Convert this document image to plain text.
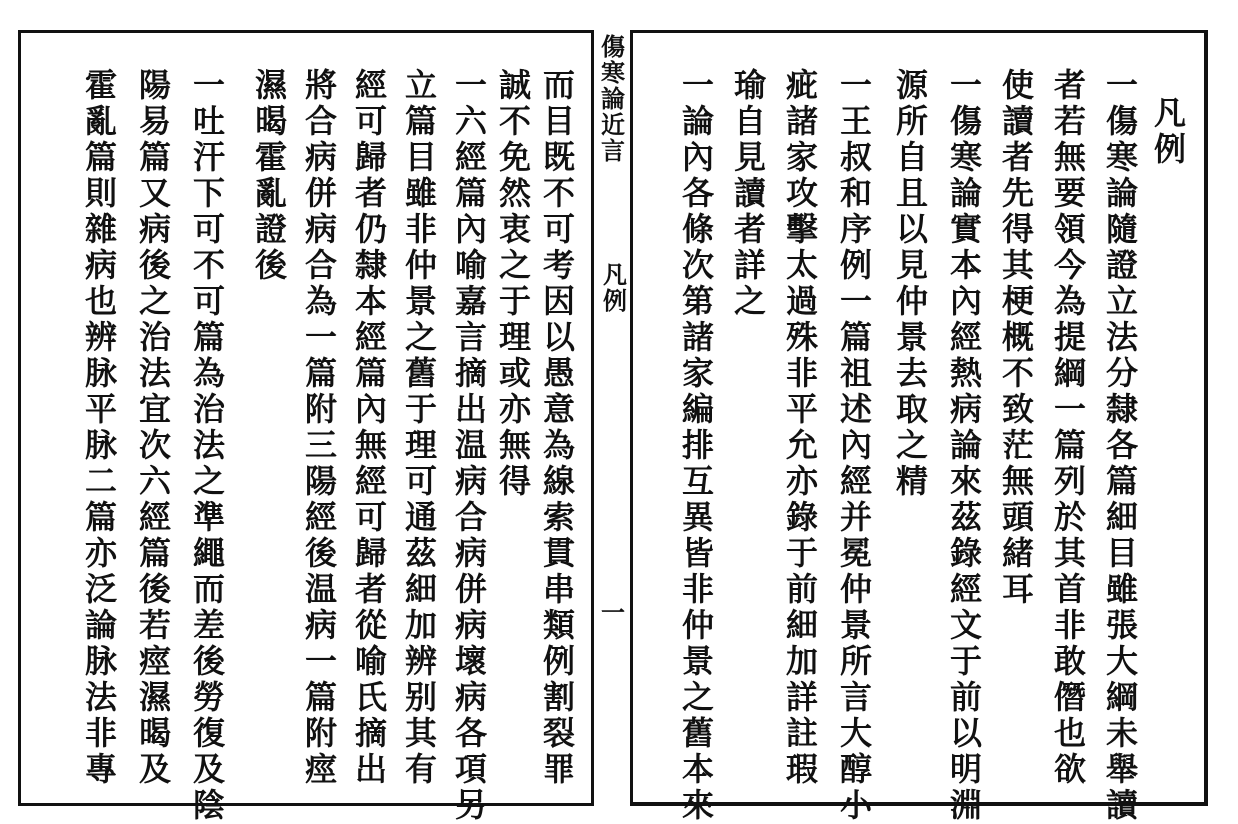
而
目
既
不
可
考
因
以
愚
意
為
線
索
貫
串
類
例
割
裂
罪
誠
不
免
然
衷
之
于
理
或
亦
無
得
一
六
經
篇
內
喻
嘉
言
摘
出
温
病
合
病
併
病
壞
病
各
項
另
立
篇
目
雖
非
仲
景
之
舊
于
理
可
通
茲
細
加
辨
别
其
有
經
可
歸
者
仍
隸
本
經
篇
內
無
經
可
歸
者
從
喻
氏
摘
出
將
合
病
併
病
合
為
一
篇
附
三
陽
經
後
温
病
一
篇
附
痙
濕
暍
霍
亂
證
後
一
吐
汗
下
可
不
可
篇
為
治
法
之
準
繩
而
差
後
勞
復
及
陰
陽
易
篇
又
病
後
之
治
法
宜
次
六
經
篇
後
若
痙
濕
暍
及
霍
亂
篇
則
雜
病
也
辨
脉
平
脉
二
篇
亦
泛
論
脉
法
非
專
傷
寒
論
近
言
凡
例
一
凡
例
一
傷
寒
論
隨
證
立
法
分
隸
各
篇
細
目
雖
張
大
綱
未
舉
讀
者
若
無
要
領
今
為
提
綱
一
篇
列
於
其
首
非
敢
僭
也
欲
使
讀
者
先
得
其
梗
概
不
致
茫
無
頭
緒
耳
一
傷
寒
論
實
本
內
經
熱
病
論
來
茲
錄
經
文
于
前
以
明
淵
源
所
自
且
以
見
仲
景
去
取
之
精
一
王
叔
和
序
例
一
篇
祖
述
內
經
并
冕
仲
景
所
言
大
醇
小
疵
諸
家
攻
擊
太
過
殊
非
平
允
亦
錄
于
前
細
加
詳
註
瑕
瑜
自
見
讀
者
詳
之
一
論
內
各
條
次
第
諸
家
編
排
互
異
皆
非
仲
景
之
舊
本
來
